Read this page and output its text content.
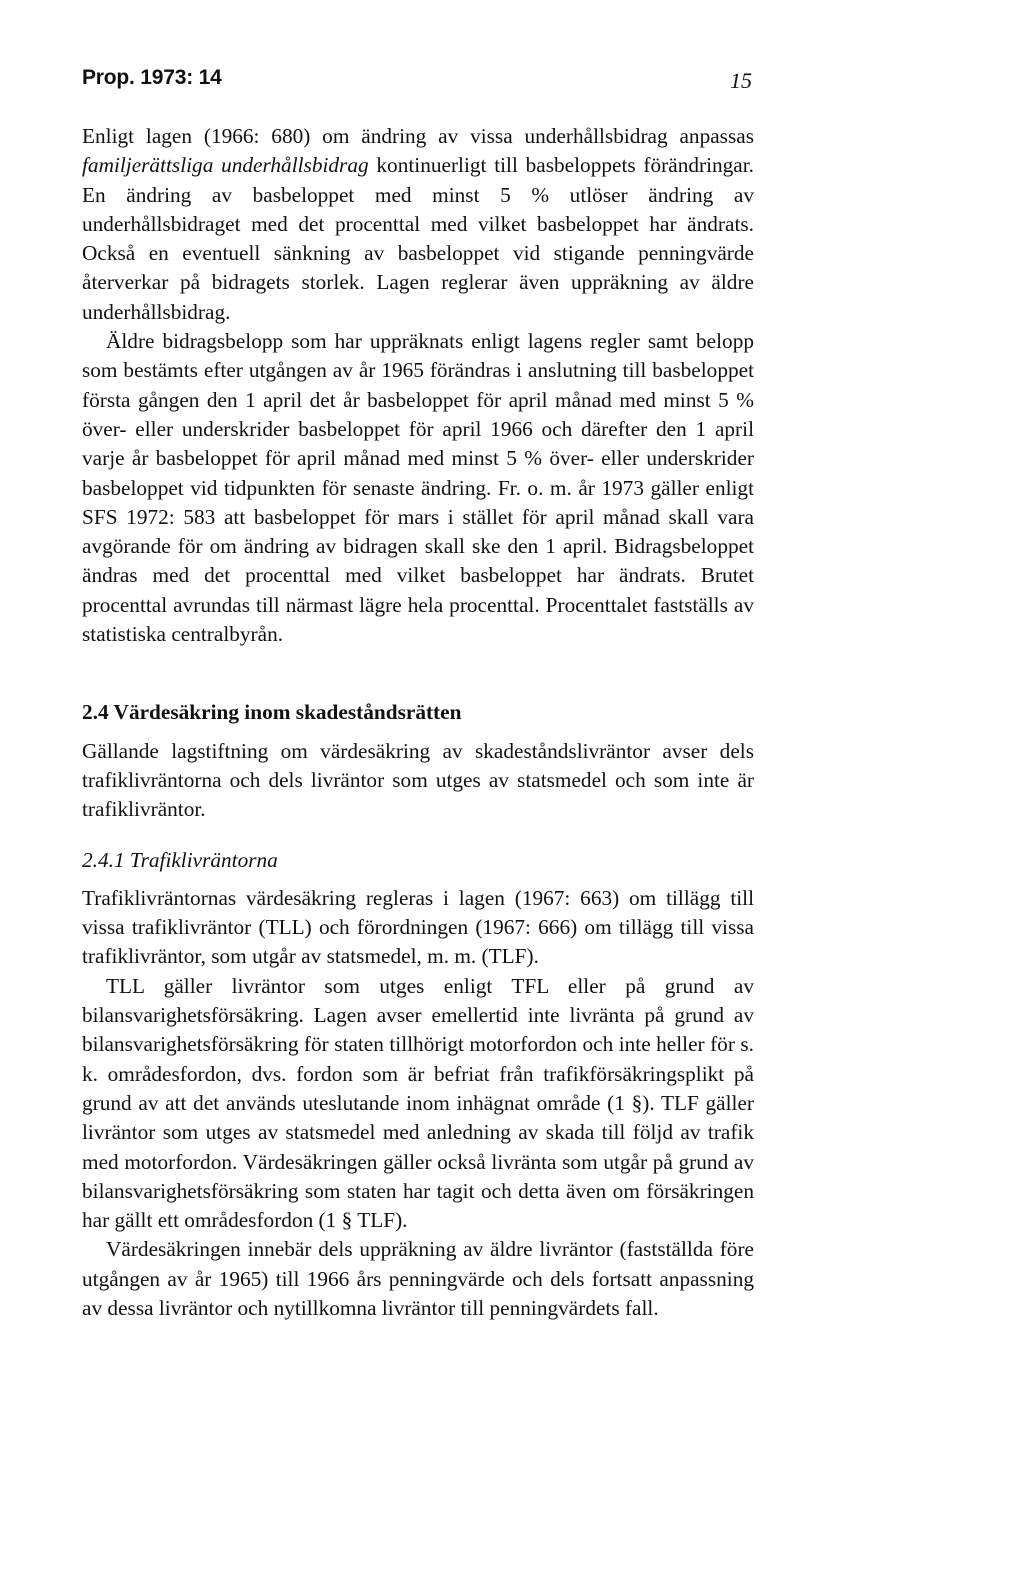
Prop. 1973: 14	15

Enligt lagen (1966: 680) om ändring av vissa underhållsbidrag anpassas familjerättsliga underhållsbidrag kontinuerligt till basbeloppets förändringar. En ändring av basbeloppet med minst 5 % utlöser ändring av underhållsbidraget med det procenttal med vilket basbeloppet har ändrats. Också en eventuell sänkning av basbeloppet vid stigande penningvärde återverkar på bidragets storlek. Lagen reglerar även uppräkning av äldre underhållsbidrag.

Äldre bidragsbelopp som har uppräknats enligt lagens regler samt belopp som bestämts efter utgången av år 1965 förändras i anslutning till basbeloppet första gången den 1 april det år basbeloppet för april månad med minst 5 % över- eller underskrider basbeloppet för april 1966 och därefter den 1 april varje år basbeloppet för april månad med minst 5 % över- eller underskrider basbeloppet vid tidpunkten för senaste ändring. Fr. o. m. år 1973 gäller enligt SFS 1972: 583 att basbeloppet för mars i stället för april månad skall vara avgörande för om ändring av bidragen skall ske den 1 april. Bidragsbeloppet ändras med det procenttal med vilket basbeloppet har ändrats. Brutet procenttal avrundas till närmast lägre hela procenttal. Procenttalet fastställs av statistiska centralbyrån.

2.4 Värdesäkring inom skadeståndsrätten

Gällande lagstiftning om värdesäkring av skadeståndslivräntor avser dels trafiklivräntorna och dels livräntor som utges av statsmedel och som inte är trafiklivräntor.

2.4.1 Trafiklivräntorna

Trafiklivräntornas värdesäkring regleras i lagen (1967: 663) om tillägg till vissa trafiklivräntor (TLL) och förordningen (1967: 666) om tillägg till vissa trafiklivräntor, som utgår av statsmedel, m. m. (TLF).

TLL gäller livräntor som utges enligt TFL eller på grund av bilansvarighetsförsäkring. Lagen avser emellertid inte livränta på grund av bilansvarighetsförsäkring för staten tillhörigt motorfordon och inte heller för s. k. områdesfordon, dvs. fordon som är befriat från trafikförsäkringsplikt på grund av att det används uteslutande inom inhägnat område (1 §). TLF gäller livräntor som utges av statsmedel med anledning av skada till följd av trafik med motorfordon. Värdesäkringen gäller också livränta som utgår på grund av bilansvarighetsförsäkring som staten har tagit och detta även om försäkringen har gällt ett områdesfordon (1 § TLF).

Värdesäkringen innebär dels uppräkning av äldre livräntor (fastställda före utgången av år 1965) till 1966 års penningvärde och dels fortsatt anpassning av dessa livräntor och nytillkomna livräntor till penningvärdets fall.
